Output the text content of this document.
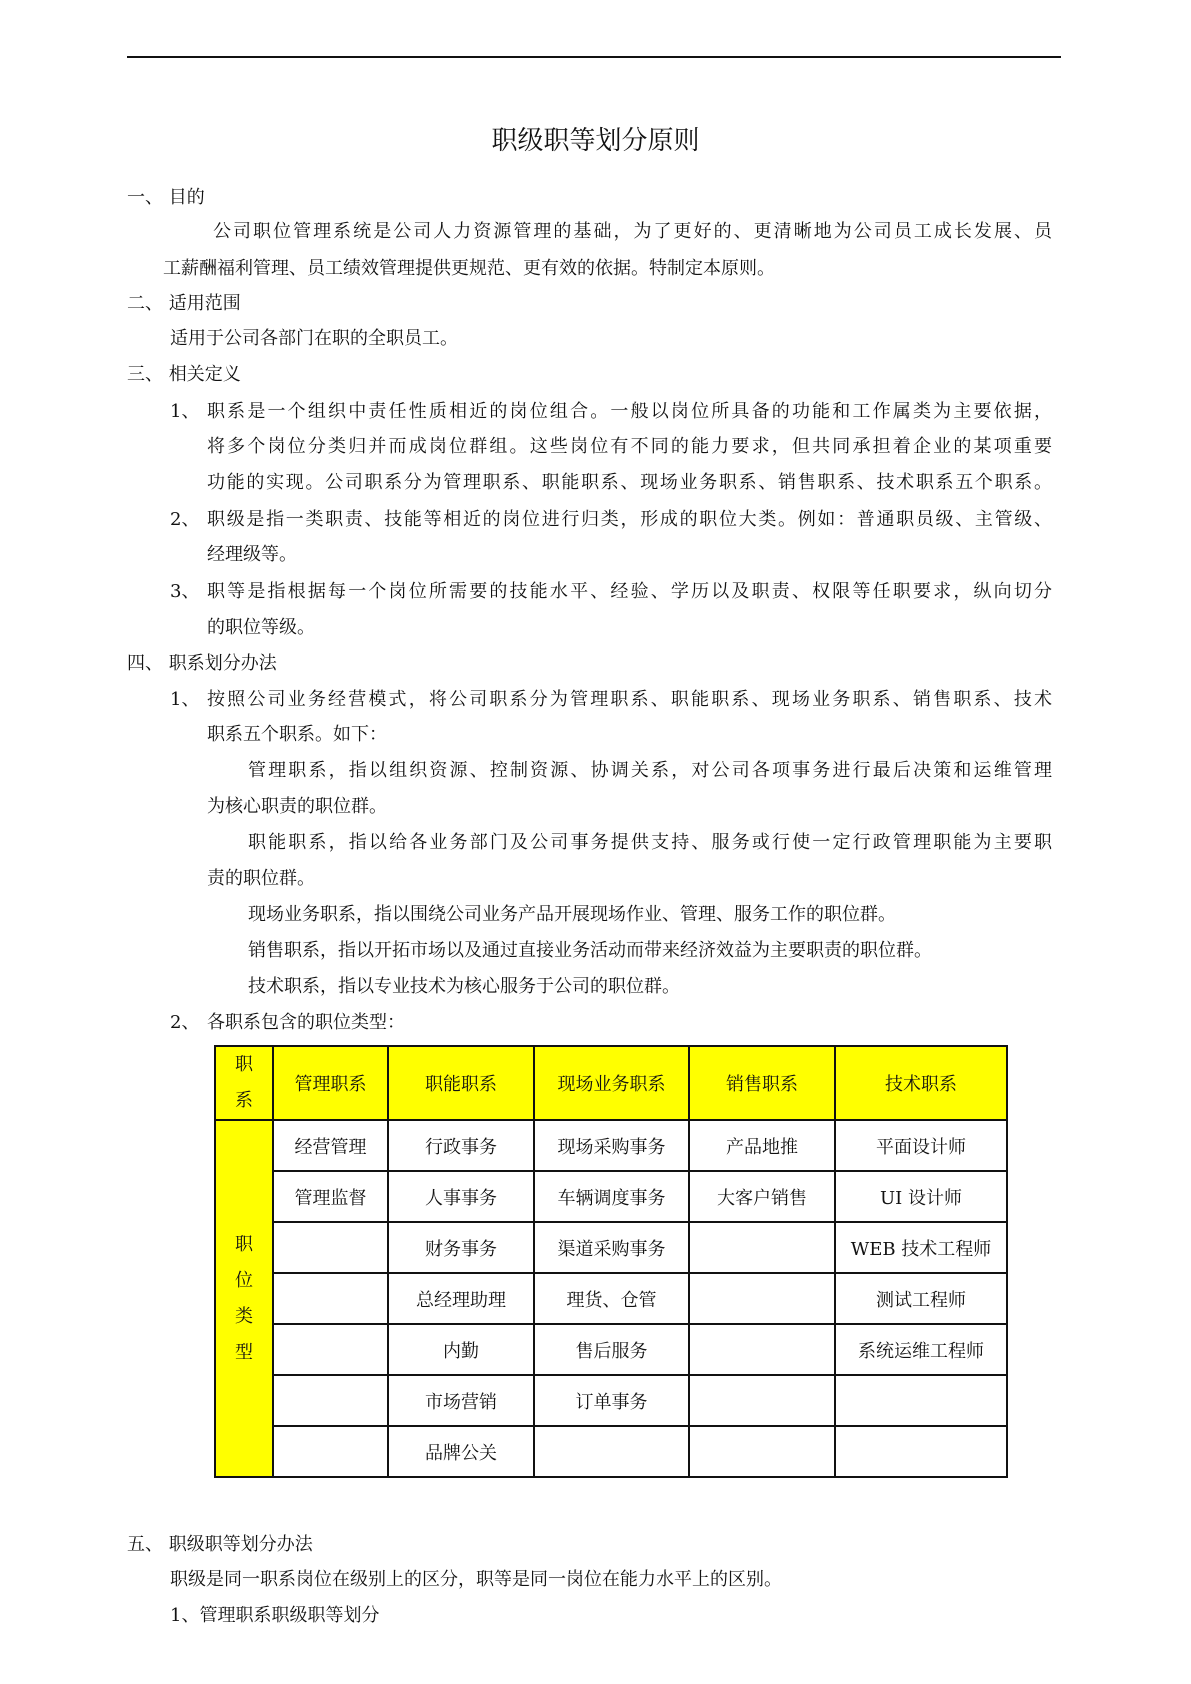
职级职等划分原则
一、 目的
公司职位管理系统是公司人力资源管理的基础，为了更好的、更清晰地为公司员工成长发展、员
工薪酬福利管理、员工绩效管理提供更规范、更有效的依据。特制定本原则。
二、 适用范围
适用于公司各部门在职的全职员工。
三、 相关定义
1、 职系是一个组织中责任性质相近的岗位组合。一般以岗位所具备的功能和工作属类为主要依据，
将多个岗位分类归并而成岗位群组。这些岗位有不同的能力要求，但共同承担着企业的某项重要
功能的实现。公司职系分为管理职系、职能职系、现场业务职系、销售职系、技术职系五个职系。
2、 职级是指一类职责、技能等相近的岗位进行归类，形成的职位大类。例如：普通职员级、主管级、
经理级等。
3、 职等是指根据每一个岗位所需要的技能水平、经验、学历以及职责、权限等任职要求，纵向切分
的职位等级。
四、 职系划分办法
1、 按照公司业务经营模式，将公司职系分为管理职系、职能职系、现场业务职系、销售职系、技术
职系五个职系。如下：
管理职系，指以组织资源、控制资源、协调关系，对公司各项事务进行最后决策和运维管理
为核心职责的职位群。
职能职系，指以给各业务部门及公司事务提供支持、服务或行使一定行政管理职能为主要职
责的职位群。
现场业务职系，指以围绕公司业务产品开展现场作业、管理、服务工作的职位群。
销售职系，指以开拓市场以及通过直接业务活动而带来经济效益为主要职责的职位群。
技术职系，指以专业技术为核心服务于公司的职位群。
2、 各职系包含的职位类型：
职
系	管理职系	职能职系	现场业务职系	销售职系	技术职系
职
位
类
型	经营管理	行政事务	现场采购事务	产品地推	平面设计师
	管理监督	人事事务	车辆调度事务	大客户销售	UI 设计师
		财务事务	渠道采购事务		WEB 技术工程师
		总经理助理	理货、仓管		测试工程师
		内勤	售后服务		系统运维工程师
		市场营销	订单事务		
		品牌公关			
五、 职级职等划分办法
职级是同一职系岗位在级别上的区分，职等是同一岗位在能力水平上的区别。
1、管理职系职级职等划分
